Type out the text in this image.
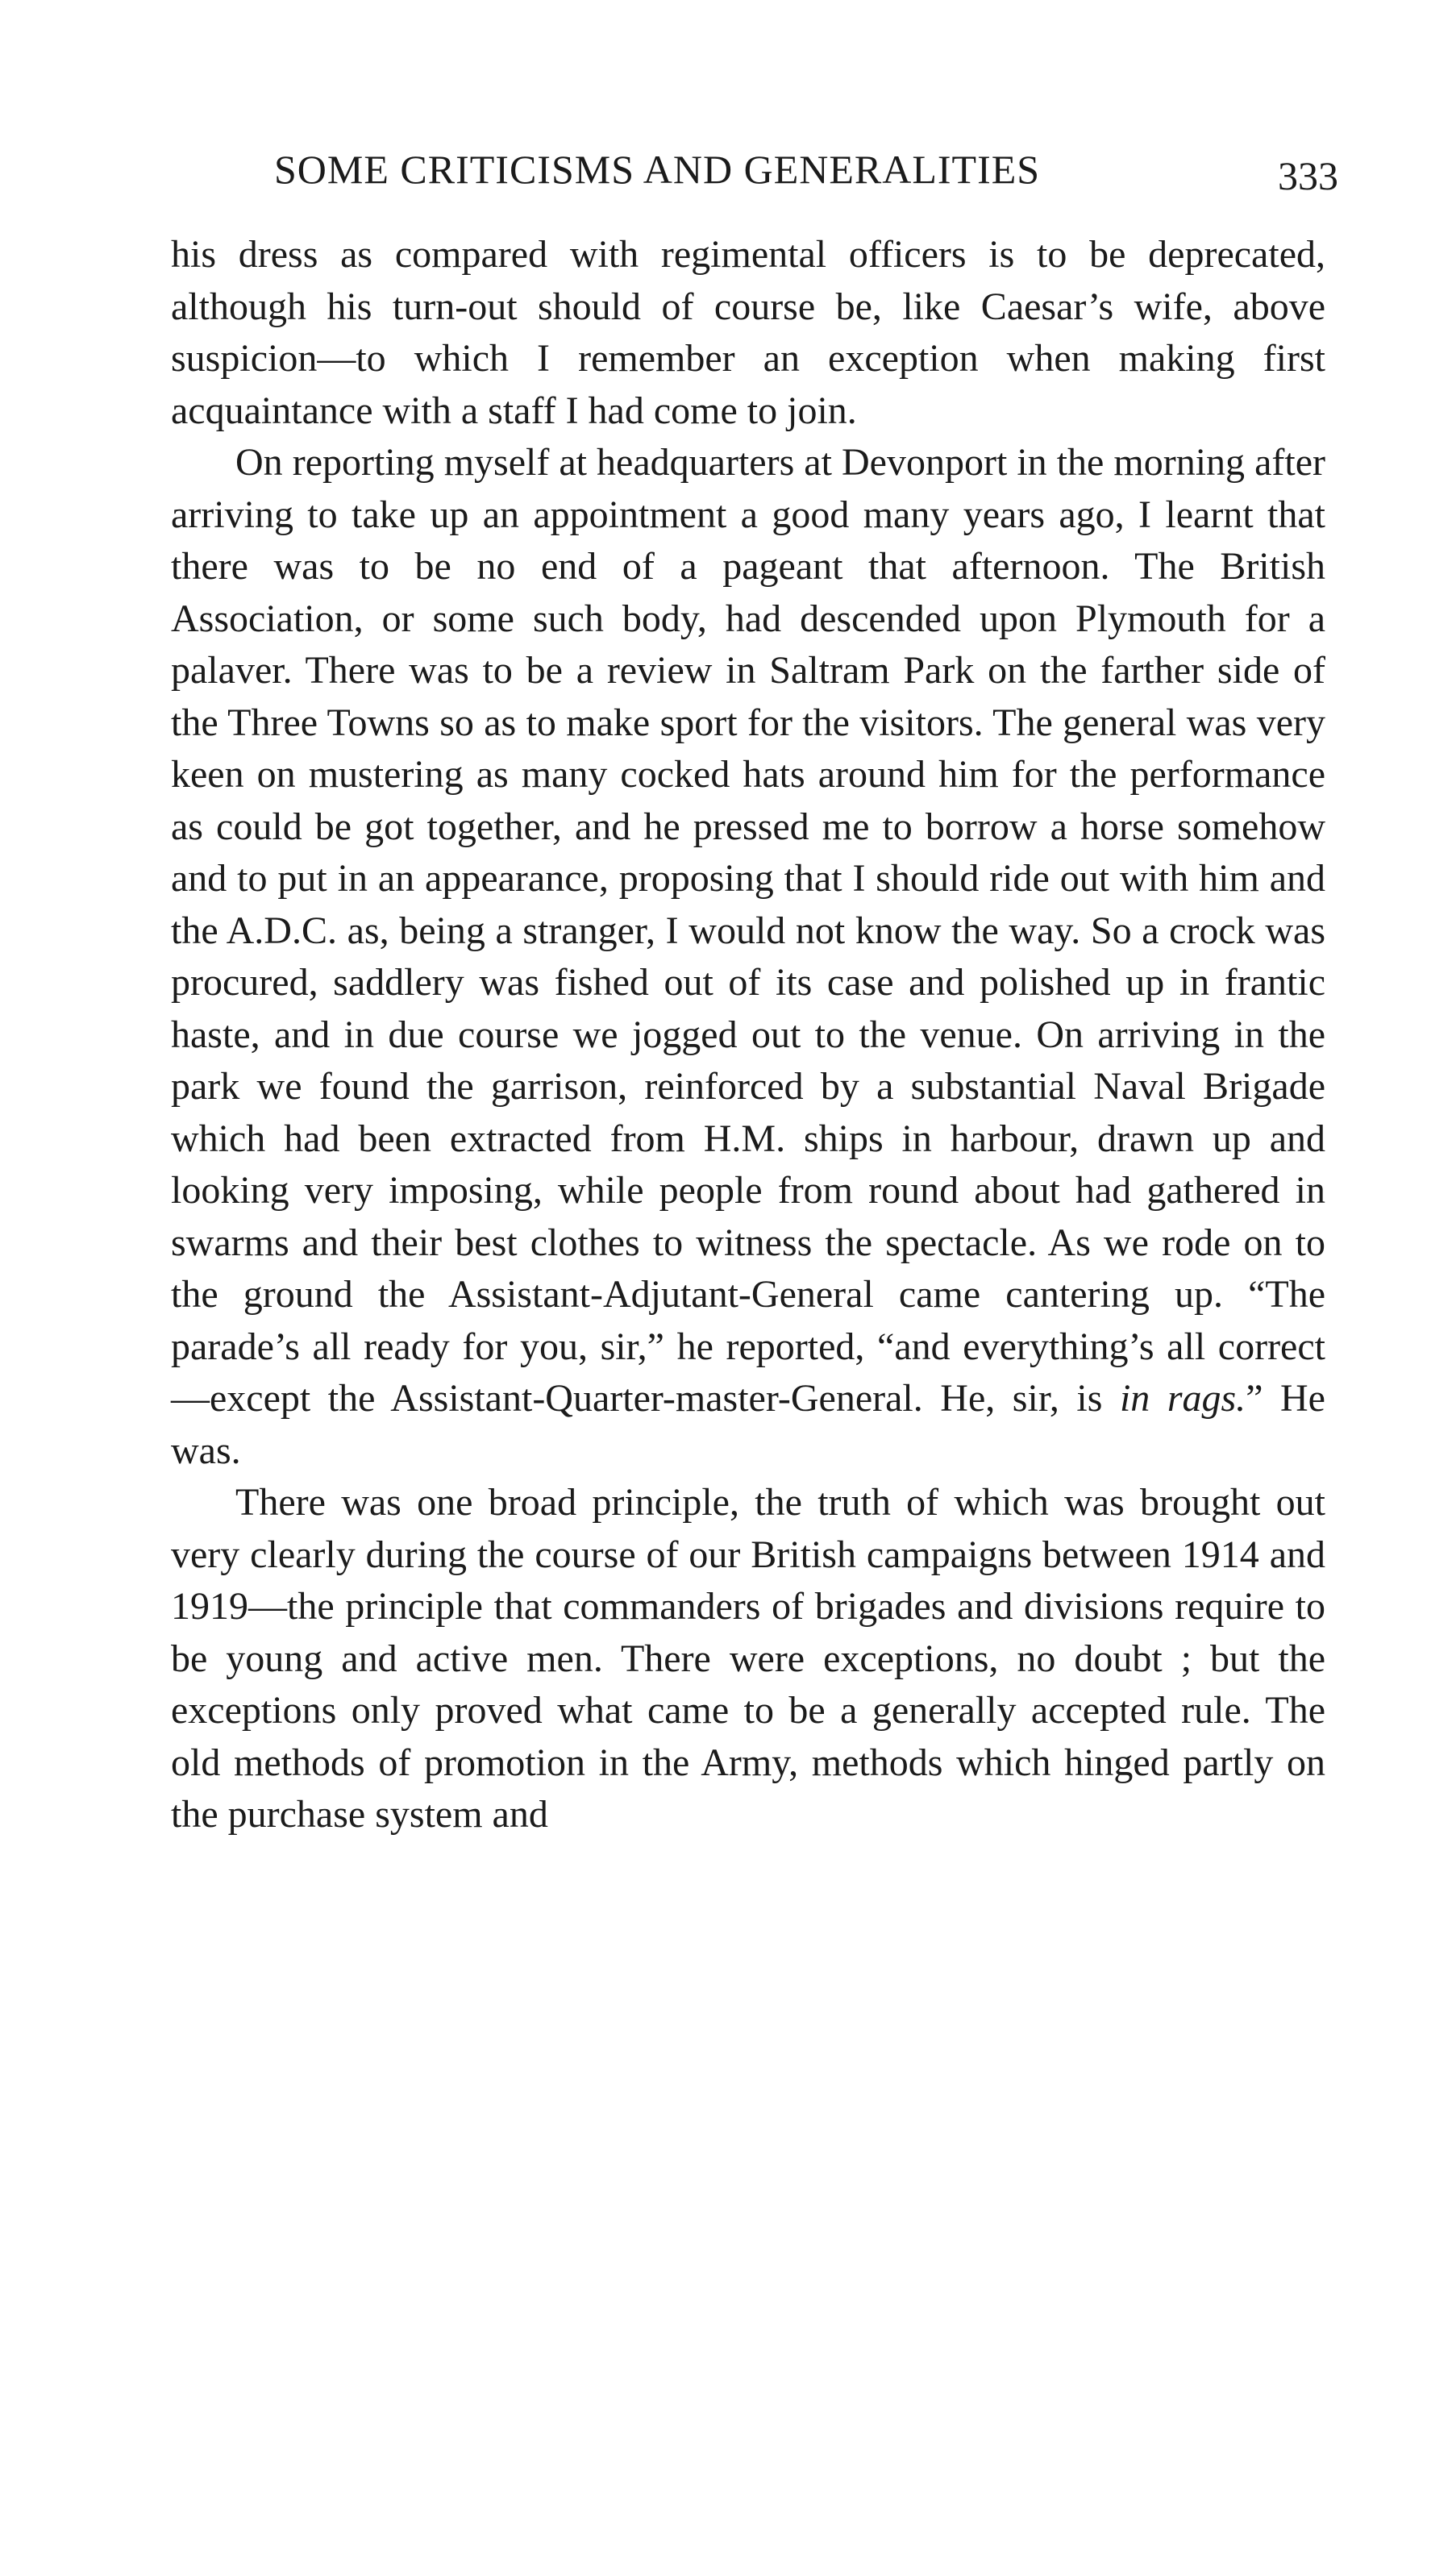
SOME CRITICISMS AND GENERALITIES	333

his dress as compared with regimental officers is to be deprecated, although his turn-out should of course be, like Caesar’s wife, above suspicion—to which I remember an exception when making first acquaintance with a staff I had come to join.

On reporting myself at headquarters at Devonport in the morning after arriving to take up an appointment a good many years ago, I learnt that there was to be no end of a pageant that afternoon. The British Association, or some such body, had descended upon Plymouth for a palaver. There was to be a review in Saltram Park on the farther side of the Three Towns so as to make sport for the visitors. The general was very keen on mustering as many cocked hats around him for the performance as could be got together, and he pressed me to borrow a horse somehow and to put in an appearance, proposing that I should ride out with him and the A.D.C. as, being a stranger, I would not know the way. So a crock was procured, saddlery was fished out of its case and polished up in frantic haste, and in due course we jogged out to the venue. On arriving in the park we found the garrison, reinforced by a substantial Naval Brigade which had been extracted from H.M. ships in harbour, drawn up and looking very imposing, while people from round about had gathered in swarms and their best clothes to witness the spectacle. As we rode on to the ground the Assistant-Adjutant-General came cantering up. “The parade’s all ready for you, sir,” he reported, “and everything’s all correct—except the Assistant-Quarter-master-General. He, sir, is in rags.” He was.

There was one broad principle, the truth of which was brought out very clearly during the course of our British campaigns between 1914 and 1919—the principle that commanders of brigades and divisions require to be young and active men. There were exceptions, no doubt ; but the exceptions only proved what came to be a generally accepted rule. The old methods of promotion in the Army, methods which hinged partly on the purchase system and
